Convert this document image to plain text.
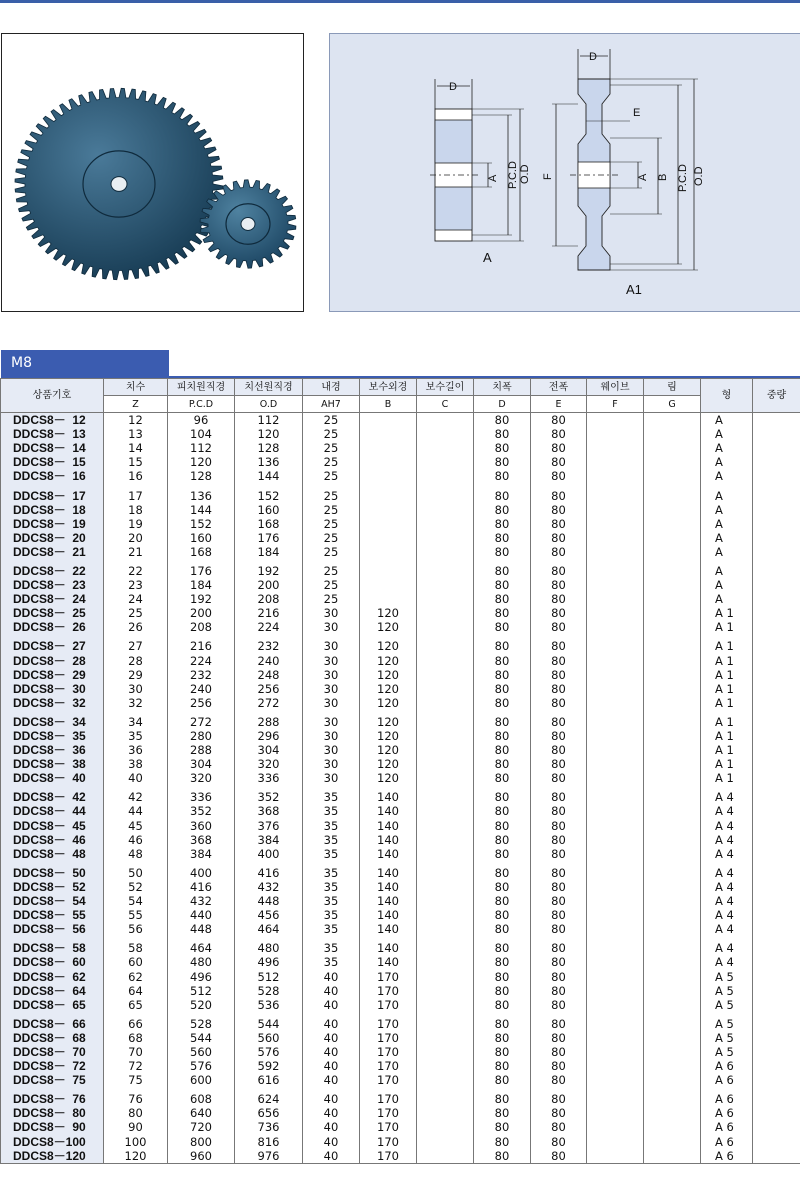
D
A P.C.D O.D
A
D
E
F	A B P.C.D O.D
A1
M8
상품기호	치수	피치원직경	치선원직경	내경	보수외경	보수길이	치폭	전폭	웨이브	림	형	중량
	Z	P.C.D	O.D	AH7	B	C	D	E	F	G		
DDCS8－  12	12	96	112	25			80	80			A	
DDCS8－  13	13	104	120	25			80	80			A	
DDCS8－  14	14	112	128	25			80	80			A	
DDCS8－  15	15	120	136	25			80	80			A	
DDCS8－  16	16	128	144	25			80	80			A	
DDCS8－  17	17	136	152	25			80	80			A	
DDCS8－  18	18	144	160	25			80	80			A	
DDCS8－  19	19	152	168	25			80	80			A	
DDCS8－  20	20	160	176	25			80	80			A	
DDCS8－  21	21	168	184	25			80	80			A	
DDCS8－  22	22	176	192	25			80	80			A	
DDCS8－  23	23	184	200	25			80	80			A	
DDCS8－  24	24	192	208	25			80	80			A	
DDCS8－  25	25	200	216	30	120		80	80			A 1	
DDCS8－  26	26	208	224	30	120		80	80			A 1	
DDCS8－  27	27	216	232	30	120		80	80			A 1	
DDCS8－  28	28	224	240	30	120		80	80			A 1	
DDCS8－  29	29	232	248	30	120		80	80			A 1	
DDCS8－  30	30	240	256	30	120		80	80			A 1	
DDCS8－  32	32	256	272	30	120		80	80			A 1	
DDCS8－  34	34	272	288	30	120		80	80			A 1	
DDCS8－  35	35	280	296	30	120		80	80			A 1	
DDCS8－  36	36	288	304	30	120		80	80			A 1	
DDCS8－  38	38	304	320	30	120		80	80			A 1	
DDCS8－  40	40	320	336	30	120		80	80			A 1	
DDCS8－  42	42	336	352	35	140		80	80			A 4	
DDCS8－  44	44	352	368	35	140		80	80			A 4	
DDCS8－  45	45	360	376	35	140		80	80			A 4	
DDCS8－  46	46	368	384	35	140		80	80			A 4	
DDCS8－  48	48	384	400	35	140		80	80			A 4	
DDCS8－  50	50	400	416	35	140		80	80			A 4	
DDCS8－  52	52	416	432	35	140		80	80			A 4	
DDCS8－  54	54	432	448	35	140		80	80			A 4	
DDCS8－  55	55	440	456	35	140		80	80			A 4	
DDCS8－  56	56	448	464	35	140		80	80			A 4	
DDCS8－  58	58	464	480	35	140		80	80			A 4	
DDCS8－  60	60	480	496	35	140		80	80			A 4	
DDCS8－  62	62	496	512	40	170		80	80			A 5	
DDCS8－  64	64	512	528	40	170		80	80			A 5	
DDCS8－  65	65	520	536	40	170		80	80			A 5	
DDCS8－  66	66	528	544	40	170		80	80			A 5	
DDCS8－  68	68	544	560	40	170		80	80			A 5	
DDCS8－  70	70	560	576	40	170		80	80			A 5	
DDCS8－  72	72	576	592	40	170		80	80			A 6	
DDCS8－  75	75	600	616	40	170		80	80			A 6	
DDCS8－  76	76	608	624	40	170		80	80			A 6	
DDCS8－  80	80	640	656	40	170		80	80			A 6	
DDCS8－  90	90	720	736	40	170		80	80			A 6	
DDCS8－100	100	800	816	40	170		80	80			A 6	
DDCS8－120	120	960	976	40	170		80	80			A 6	
